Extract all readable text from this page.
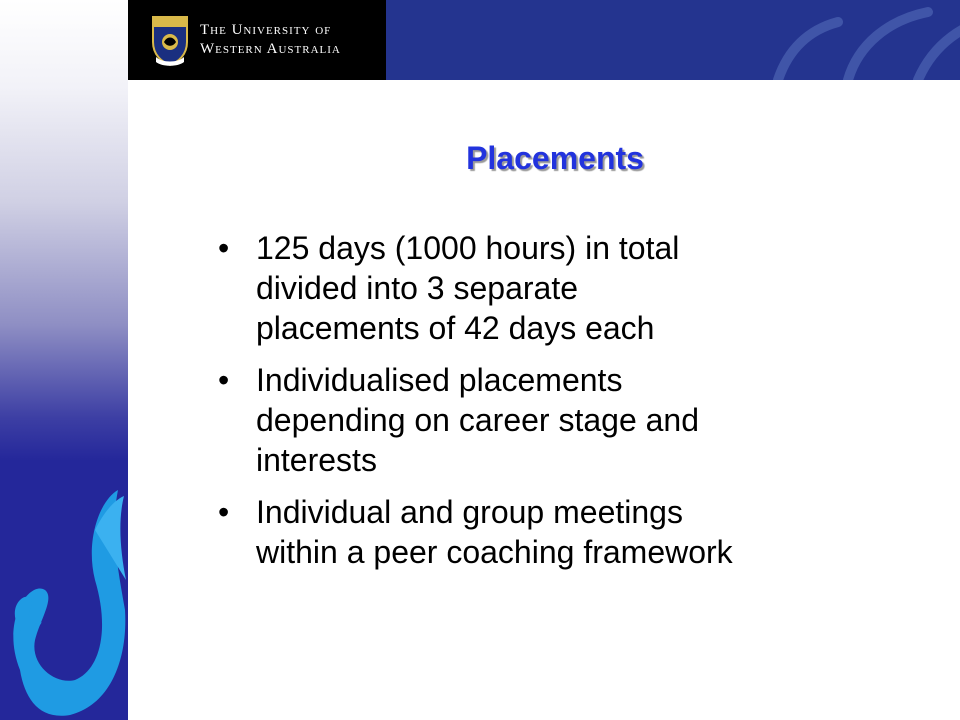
The University of
Western Australia
Placements
• 125 days (1000 hours) in total
divided into 3 separate
placements of 42 days each
• Individualised placements
depending on career stage and
interests
• Individual and group meetings
within a peer coaching framework
